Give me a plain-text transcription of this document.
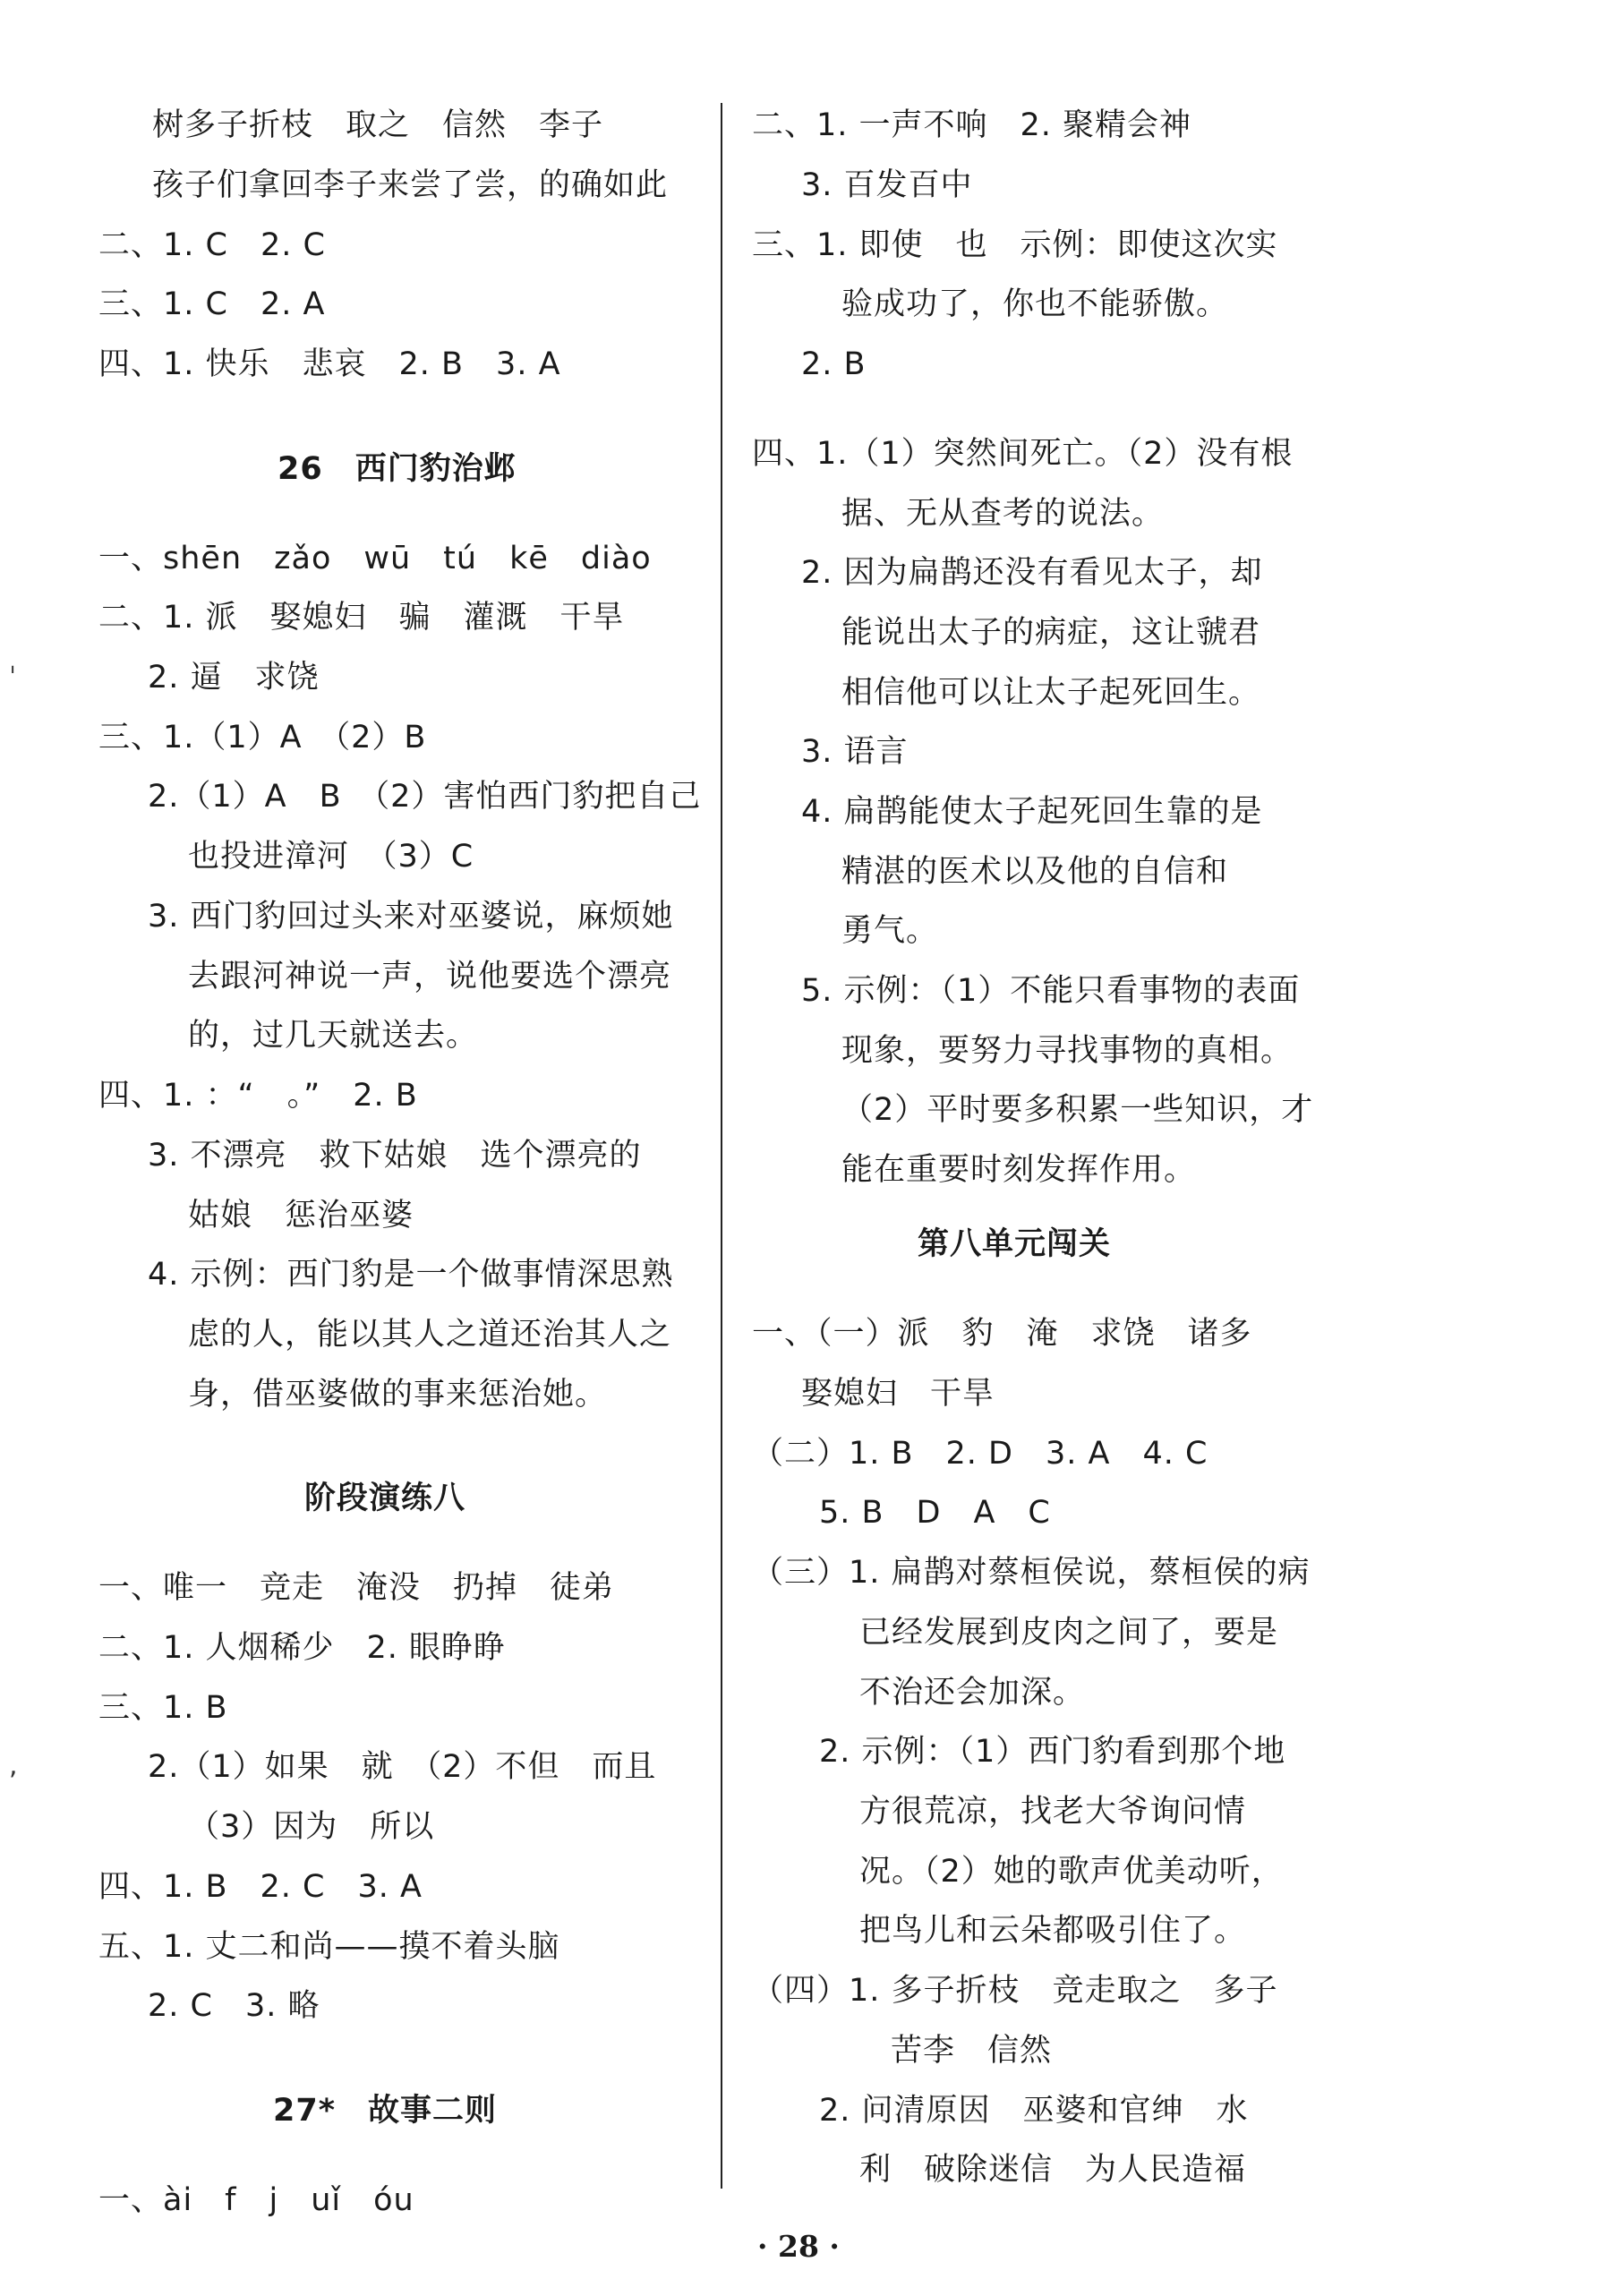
树多子折枝　取之　信然　李子
孩子们拿回李子来尝了尝，的确如此
二、1. C　2. C
三、1. C　2. A
四、1. 快乐　悲哀　2. B　3. A
26　西门豹治邺
一、shēn　zǎo　wū　tú　kē　diào
二、1. 派　娶媳妇　骗　灌溉　干旱
2. 逼　求饶
三、1.（1）A　（2）B
2.（1）A　B　（2）害怕西门豹把自己
也投进漳河　（3）C
3. 西门豹回过头来对巫婆说，麻烦她
去跟河神说一声，说他要选个漂亮
的，过几天就送去。
四、1. ：“　。”　2. B
3. 不漂亮　救下姑娘　选个漂亮的
姑娘　惩治巫婆
4. 示例：西门豹是一个做事情深思熟
虑的人，能以其人之道还治其人之
身，借巫婆做的事来惩治她。
阶段演练八
一、唯一　竞走　淹没　扔掉　徒弟
二、1. 人烟稀少　2. 眼睁睁
三、1. B
2.（1）如果　就　（2）不但　而且
（3）因为　所以
四、1. B　2. C　3. A
五、1. 丈二和尚——摸不着头脑
2. C　3. 略
27*　故事二则
一、ài　f　j　uǐ　óu
二、1. 一声不响　2. 聚精会神
3. 百发百中
三、1. 即使　也　示例：即使这次实
验成功了，你也不能骄傲。
2. B
四、1.（1）突然间死亡。（2）没有根
据、无从查考的说法。
2. 因为扁鹊还没有看见太子，却
能说出太子的病症，这让虢君
相信他可以让太子起死回生。
3. 语言
4. 扁鹊能使太子起死回生靠的是
精湛的医术以及他的自信和
勇气。
5. 示例：（1）不能只看事物的表面
现象，要努力寻找事物的真相。
（2）平时要多积累一些知识，才
能在重要时刻发挥作用。
第八单元闯关
一、（一）派　豹　淹　求饶　诸多
娶媳妇　干旱
（二）1. B　2. D　3. A　4. C
5. B　D　A　C
（三）1. 扁鹊对蔡桓侯说，蔡桓侯的病
已经发展到皮肉之间了，要是
不治还会加深。
2. 示例：（1）西门豹看到那个地
方很荒凉，找老大爷询问情
况。（2）她的歌声优美动听，
把鸟儿和云朵都吸引住了。
（四）1. 多子折枝　竞走取之　多子
苦李　信然
2. 问清原因　巫婆和官绅　水
利　破除迷信　为人民造福
ˈ
,
· 28 ·
